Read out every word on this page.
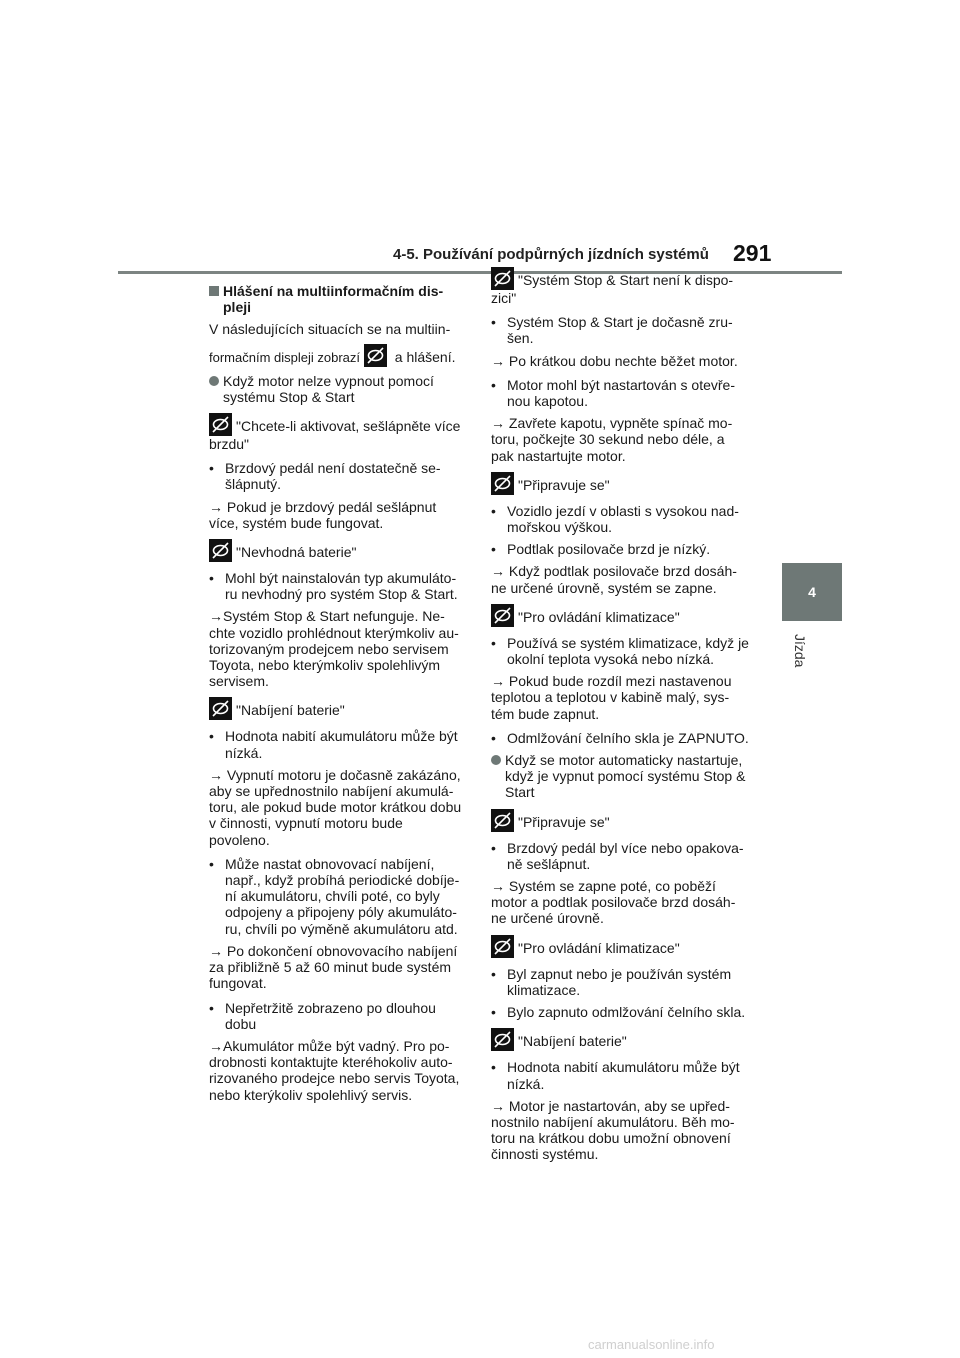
4-5. Používání podpůrných jízdních systémů 291
4
Jízda
Hlášení na multiinformačním dis-pleji
V následujících situacích se na multiin-
formačním displeji zobrazí a hlášení.
Když motor nelze vypnout pomocí systému Stop & Start
"Chcete-li aktivovat, sešlápněte více brzdu"
• Brzdový pedál není dostatečně se-šlápnutý.
→ Pokud je brzdový pedál sešlápnut více, systém bude fungovat.
"Nevhodná baterie"
• Mohl být nainstalován typ akumuláto-ru nevhodný pro systém Stop & Start.
→Systém Stop & Start nefunguje. Ne-chte vozidlo prohlédnout kterýmkoliv au-torizovaným prodejcem nebo servisem Toyota, nebo kterýmkoliv spolehlivým servisem.
"Nabíjení baterie"
• Hodnota nabití akumulátoru může být nízká.
→ Vypnutí motoru je dočasně zakázáno, aby se upřednostnilo nabíjení akumulá-toru, ale pokud bude motor krátkou dobu v činnosti, vypnutí motoru bude povoleno.
• Může nastat obnovovací nabíjení, např., když probíhá periodické dobíje-ní akumulátoru, chvíli poté, co byly odpojeny a připojeny póly akumuláto-ru, chvíli po výměně akumulátoru atd.
→ Po dokončení obnovovacího nabíjení za přibližně 5 až 60 minut bude systém fungovat.
• Nepřetržitě zobrazeno po dlouhou dobu
→Akumulátor může být vadný. Pro po-drobnosti kontaktujte kteréhokoliv auto-rizovaného prodejce nebo servis Toyota, nebo kterýkoliv spolehlivý servis.
"Systém Stop & Start není k dispo-zici"
• Systém Stop & Start je dočasně zru-šen.
→ Po krátkou dobu nechte běžet motor.
• Motor mohl být nastartován s otevře-nou kapotou.
→ Zavřete kapotu, vypněte spínač mo-toru, počkejte 30 sekund nebo déle, a pak nastartujte motor.
"Připravuje se"
• Vozidlo jezdí v oblasti s vysokou nad-mořskou výškou.
• Podtlak posilovače brzd je nízký.
→ Když podtlak posilovače brzd dosáh-ne určené úrovně, systém se zapne.
"Pro ovládání klimatizace"
• Používá se systém klimatizace, když je okolní teplota vysoká nebo nízká.
→ Pokud bude rozdíl mezi nastavenou teplotou a teplotou v kabině malý, sys-tém bude zapnut.
• Odmlžování čelního skla je ZAPNUTO.
Když se motor automaticky nastartuje, když je vypnut pomocí systému Stop & Start
"Připravuje se"
• Brzdový pedál byl více nebo opakova-ně sešlápnut.
→ Systém se zapne poté, co poběží motor a podtlak posilovače brzd dosáh-ne určené úrovně.
"Pro ovládání klimatizace"
• Byl zapnut nebo je používán systém klimatizace.
• Bylo zapnuto odmlžování čelního skla.
"Nabíjení baterie"
• Hodnota nabití akumulátoru může být nízká.
→ Motor je nastartován, aby se upřed-nostnilo nabíjení akumulátoru. Běh mo-toru na krátkou dobu umožní obnovení činnosti systému.
carmanualsonline.info
